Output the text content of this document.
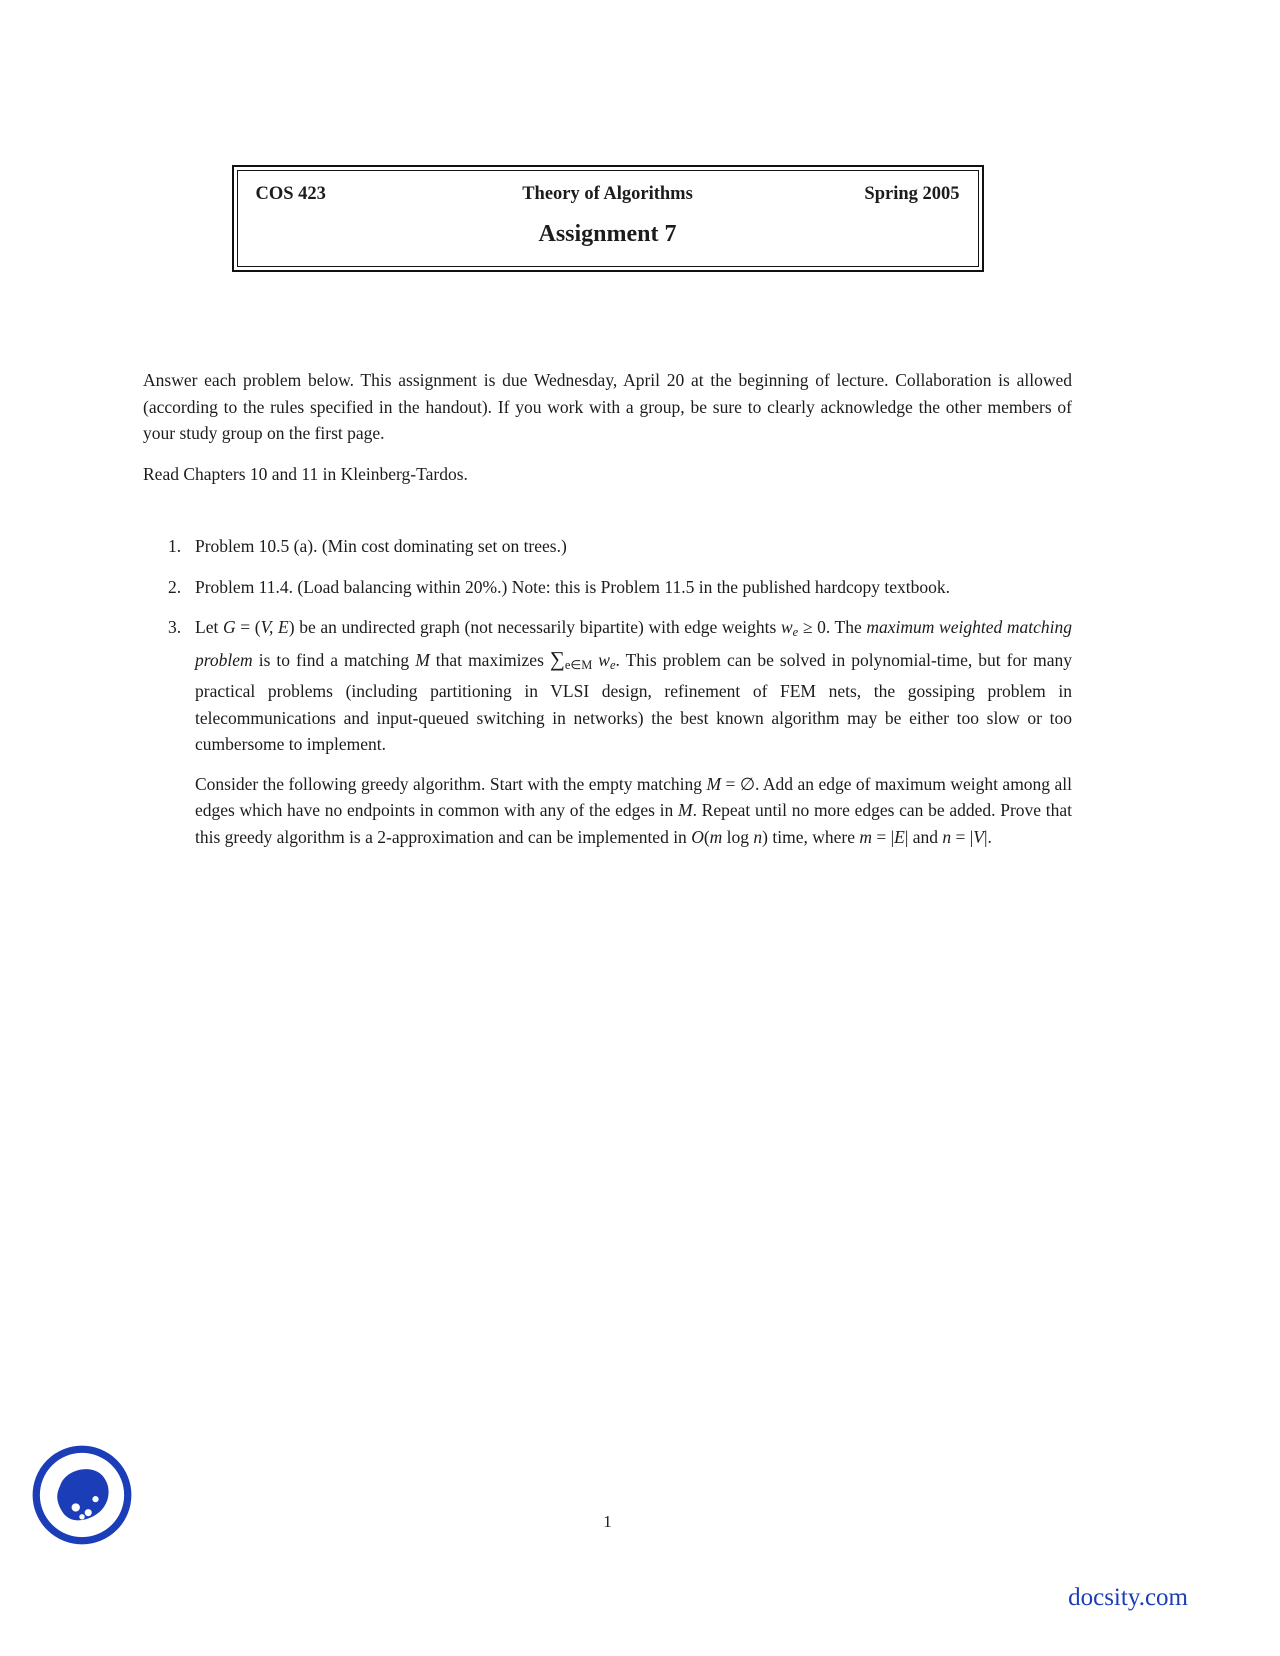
COS 423	Theory of Algorithms	Spring 2005
Assignment 7

Answer each problem below. This assignment is due Wednesday, April 20 at the beginning of lecture. Collaboration is allowed (according to the rules specified in the handout). If you work with a group, be sure to clearly acknowledge the other members of your study group on the first page.

Read Chapters 10 and 11 in Kleinberg-Tardos.

1. Problem 10.5 (a). (Min cost dominating set on trees.)

2. Problem 11.4. (Load balancing within 20%.) Note: this is Problem 11.5 in the published hardcopy textbook.

3. Let G = (V, E) be an undirected graph (not necessarily bipartite) with edge weights we ≥ 0. The maximum weighted matching problem is to find a matching M that maximizes ∑e∈M we. This problem can be solved in polynomial-time, but for many practical problems (including partitioning in VLSI design, refinement of FEM nets, the gossiping problem in telecommunications and input-queued switching in networks) the best known algorithm may be either too slow or too cumbersome to implement.

Consider the following greedy algorithm. Start with the empty matching M = ∅. Add an edge of maximum weight among all edges which have no endpoints in common with any of the edges in M. Repeat until no more edges can be added. Prove that this greedy algorithm is a 2-approximation and can be implemented in O(m log n) time, where m = |E| and n = |V|.

1
docsity.com
